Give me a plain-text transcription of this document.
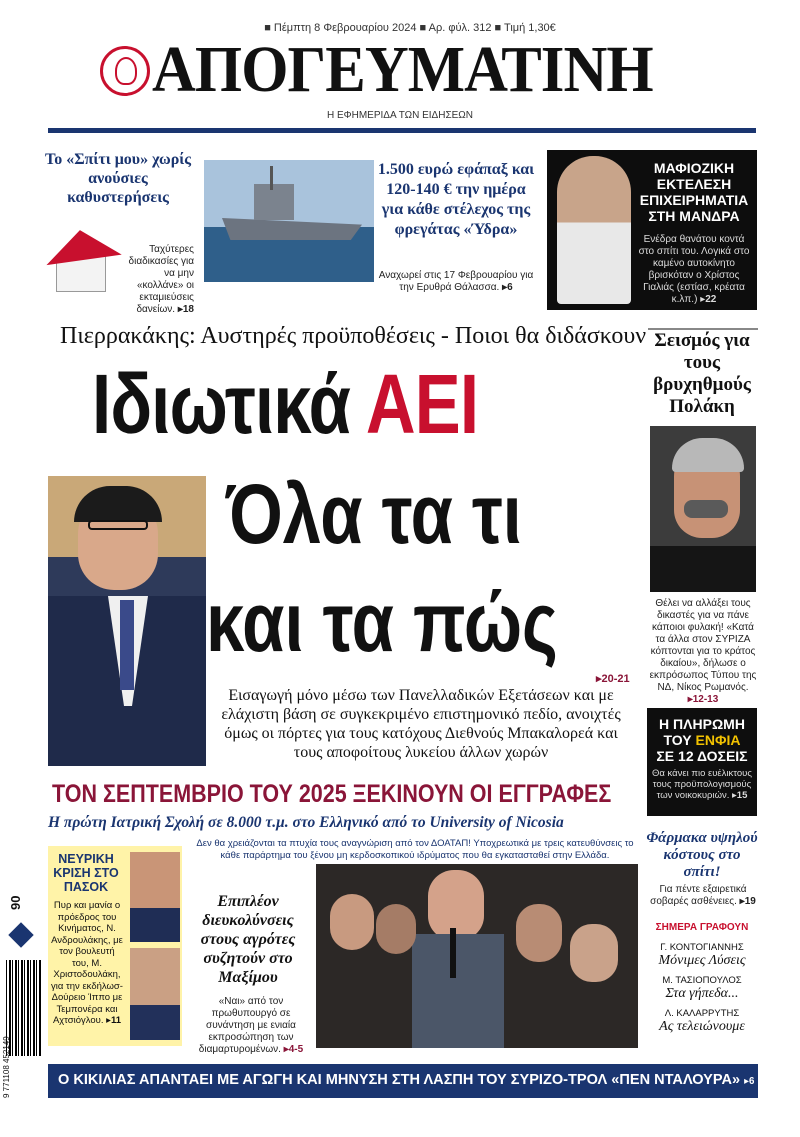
■ Πέμπτη 8 Φεβρουαρίου 2024 ■ Αρ. φύλ. 312 ■ Τιμή 1,30€
ΑΠΟΓΕΥΜΑΤΙΝΗ
Η ΕΦΗΜΕΡΙΔΑ ΤΩΝ ΕΙΔΗΣΕΩΝ
Το «Σπίτι μου» χωρίς ανούσιες καθυστερήσεις
Ταχύτερες διαδικασίες για να μην «κολλάνε» οι εκταμιεύσεις δανείων. ▸18
1.500 ευρώ εφάπαξ και 120-140 € την ημέρα για κάθε στέλεχος της φρεγάτας «Ύδρα»
Αναχωρεί στις 17 Φεβρουαρίου για την Ερυθρά Θάλασσα. ▸6
ΜΑΦΙΟΖΙΚΗ ΕΚΤΕΛΕΣΗ ΕΠΙΧΕΙΡΗΜΑΤΙΑ ΣΤΗ ΜΑΝΔΡΑ
Ενέδρα θανάτου κοντά στο σπίτι του. Λογικά στο καμένο αυτοκίνητο βρισκόταν ο Χρίστος Γιαλιάς (εστίασ, κρέατα κ.λπ.) ▸22
Πιερρακάκης: Αυστηρές προϋποθέσεις - Ποιοι θα διδάσκουν
Ιδιωτικά ΑΕΙ
Όλα τα τι
και τα πώς
▸20-21
Εισαγωγή μόνο μέσω των Πανελλαδικών Εξετάσεων και με ελάχιστη βάση σε συγκεκριμένο επιστημονικό πεδίο, ανοιχτές όμως οι πόρτες για τους κατόχους Διεθνούς Μπακαλορεά και τους αποφοίτους λυκείου άλλων χωρών
ΤΟΝ ΣΕΠΤΕΜΒΡΙΟ ΤΟΥ 2025 ΞΕΚΙΝΟΥΝ ΟΙ ΕΓΓΡΑΦΕΣ
Η πρώτη Ιατρική Σχολή σε 8.000 τ.μ. στο Ελληνικό από το University of Nicosia
Δεν θα χρειάζονται τα πτυχία τους αναγνώριση από τον ΔΟΑΤΑΠ! Υποχρεωτικά με τρεις κατευθύνσεις το κάθε παράρτημα του ξένου μη κερδοσκοπικού ιδρύματος που θα εγκατασταθεί στην Ελλάδα.
Σεισμός για τους βρυχηθμούς Πολάκη
Θέλει να αλλάξει τους δικαστές για να πάνε κάποιοι φυλακή! «Κατά τα άλλα στον ΣΥΡΙΖΑ κόπτονται για το κράτος δικαίου», δήλωσε ο εκπρόσωπος Τύπου της ΝΔ, Νίκος Ρωμανός. ▸12-13
Η ΠΛΗΡΩΜΗ
ΤΟΥ ΕΝΦΙΑ
ΣΕ 12 ΔΟΣΕΙΣ
Θα κάνει πιο ευέλικτους τους προϋπολογισμούς των νοικοκυριών. ▸15
Φάρμακα υψηλού κόστους στο σπίτι!
Για πέντε εξαιρετικά σοβαρές ασθένειες. ▸19
ΣΗΜΕΡΑ ΓΡΑΦΟΥΝ
Γ. ΚΟΝΤΟΓΙΑΝΝΗΣ
Μόνιμες Λύσεις
Μ. ΤΑΣΙΟΠΟΥΛΟΣ
Στα γήπεδα...
Λ. ΚΑΛΑΡΡΥΤΗΣ
Ας τελειώνουμε
90
9 771108 452149
ΝΕΥΡΙΚΗ ΚΡΙΣΗ ΣΤΟ ΠΑΣΟΚ
Πυρ και μανία ο πρόεδρος του Κινήματος, Ν. Ανδρουλάκης, με τον βουλευτή του, Μ. Χριστοδουλάκη, για την εκδήλωσ-Δούρειο Ίππο με Τεμπονέρα και Αχτσιόγλου. ▸11
Επιπλέον διευκολύνσεις στους αγρότες συζητούν στο Μαξίμου
«Ναι» από τον πρωθυπουργό σε συνάντηση με ενιαία εκπροσώπηση των διαμαρτυρομένων. ▸4-5
Ο ΚΙΚΙΛΙΑΣ ΑΠΑΝΤΑΕΙ ΜΕ ΑΓΩΓΗ ΚΑΙ ΜΗΝΥΣΗ ΣΤΗ ΛΑΣΠΗ ΤΟΥ ΣΥΡΙΖΟ-ΤΡΟΛ «ΠΕΝ ΝΤΑΛΟΥΡΑ» ▸6
